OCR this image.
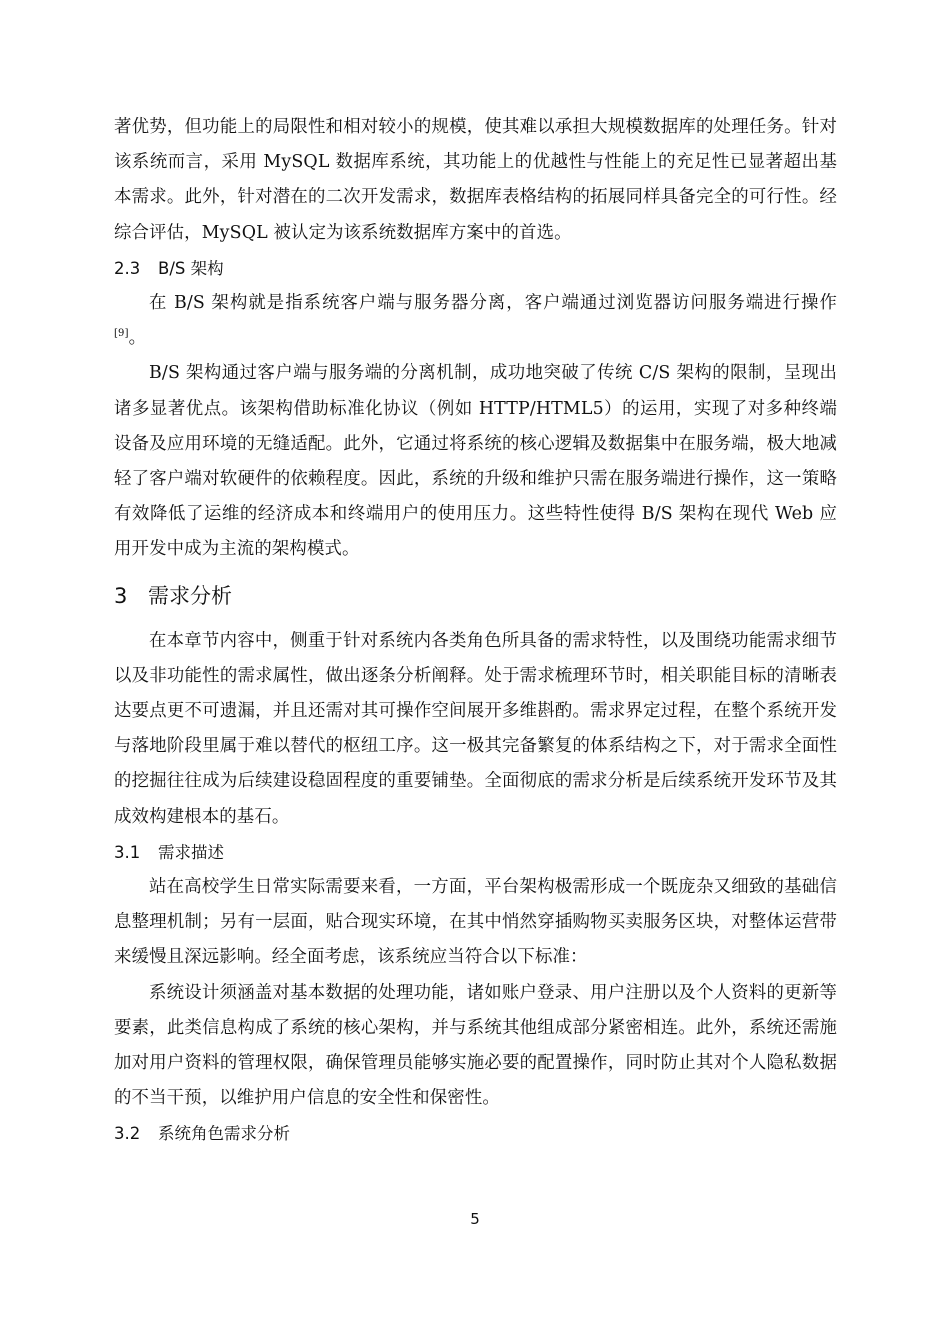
著优势，但功能上的局限性和相对较小的规模，使其难以承担大规模数据库的处理任务。针对该系统而言，采用 MySQL 数据库系统，其功能上的优越性与性能上的充足性已显著超出基本需求。此外，针对潜在的二次开发需求，数据库表格结构的拓展同样具备完全的可行性。经综合评估，MySQL 被认定为该系统数据库方案中的首选。

2.3 B/S 架构

在 B/S 架构就是指系统客户端与服务器分离，客户端通过浏览器访问服务端进行操作[9]。

B/S 架构通过客户端与服务端的分离机制，成功地突破了传统 C/S 架构的限制，呈现出诸多显著优点。该架构借助标准化协议（例如 HTTP/HTML5）的运用，实现了对多种终端设备及应用环境的无缝适配。此外，它通过将系统的核心逻辑及数据集中在服务端，极大地减轻了客户端对软硬件的依赖程度。因此，系统的升级和维护只需在服务端进行操作，这一策略有效降低了运维的经济成本和终端用户的使用压力。这些特性使得 B/S 架构在现代 Web 应用开发中成为主流的架构模式。

3 需求分析

在本章节内容中，侧重于针对系统内各类角色所具备的需求特性，以及围绕功能需求细节以及非功能性的需求属性，做出逐条分析阐释。处于需求梳理环节时，相关职能目标的清晰表达要点更不可遗漏，并且还需对其可操作空间展开多维斟酌。需求界定过程，在整个系统开发与落地阶段里属于难以替代的枢纽工序。这一极其完备繁复的体系结构之下，对于需求全面性的挖掘往往成为后续建设稳固程度的重要铺垫。全面彻底的需求分析是后续系统开发环节及其成效构建根本的基石。

3.1 需求描述

站在高校学生日常实际需要来看，一方面，平台架构极需形成一个既庞杂又细致的基础信息整理机制；另有一层面，贴合现实环境，在其中悄然穿插购物买卖服务区块，对整体运营带来缓慢且深远影响。经全面考虑，该系统应当符合以下标准：

系统设计须涵盖对基本数据的处理功能，诸如账户登录、用户注册以及个人资料的更新等要素，此类信息构成了系统的核心架构，并与系统其他组成部分紧密相连。此外，系统还需施加对用户资料的管理权限，确保管理员能够实施必要的配置操作，同时防止其对个人隐私数据的不当干预，以维护用户信息的安全性和保密性。

3.2 系统角色需求分析
5
